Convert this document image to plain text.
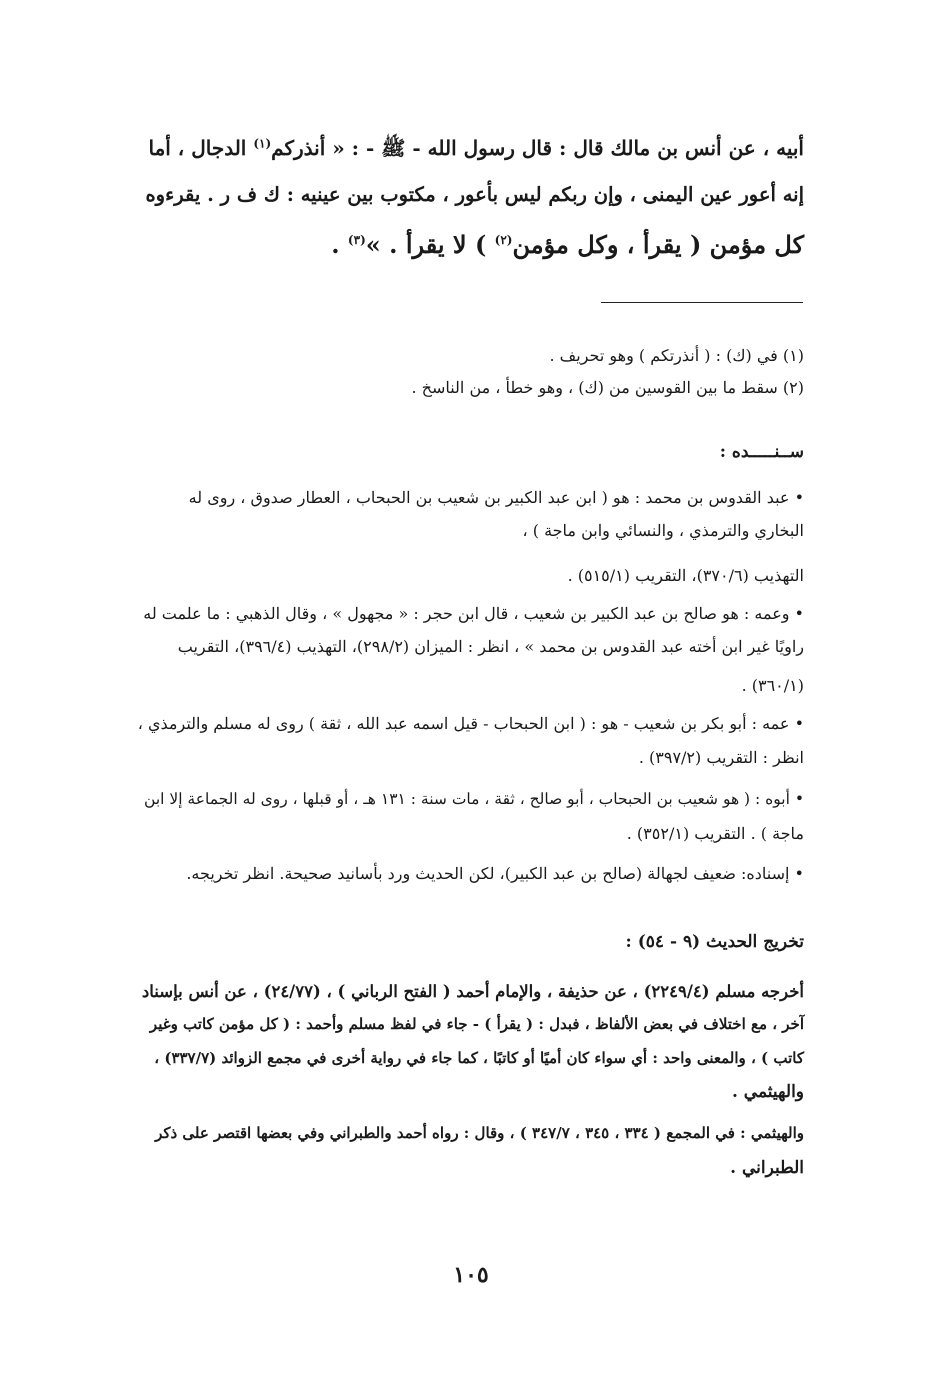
أبيه ، عن أنس بن مالك قال : قال رسول الله - ﷺ - : « أنذركم$^{(١)}$ الدجال ، أما
إنه أعور عين اليمنى ، وإن ربكم ليس بأعور ، مكتوب بين عينيه : ك ف ر . يقرءوه
كل مؤمن ( يقرأ ، وكل مؤمن$^{(٢)}$ ) لا يقرأ . »$^{(٣)}$ .
(١) في (ك) : ( أنذرتكم ) وهو تحريف .
(٢) سقط ما بين القوسين من (ك) ، وهو خطأ ، من الناسخ .
ســنـــــده :
• عبد القدوس بن محمد : هو ( ابن عبد الكبير بن شعيب بن الحبحاب ، العطار صدوق ، روى له
البخاري والترمذي ، والنسائي وابن ماجة ) ،
التهذيب (٣٧٠/٦)، التقريب (٥١٥/١) .
• وعمه : هو صالح بن عبد الكبير بن شعيب ، قال ابن حجر : « مجهول » ، وقال الذهبي : ما علمت له
راويًا غير ابن أخته عبد القدوس بن محمد » ، انظر : الميزان (٢٩٨/٢)، التهذيب (٣٩٦/٤)، التقريب
(٣٦٠/١) .
• عمه : أبو بكر بن شعيب - هو : ( ابن الحبحاب - قيل اسمه عبد الله ، ثقة ) روى له مسلم والترمذي ،
انظر : التقريب (٣٩٧/٢) .
• أبوه : ( هو شعيب بن الحبحاب ، أبو صالح ، ثقة ، مات سنة : ١٣١ هـ ، أو قبلها ، روى له الجماعة إلا ابن
ماجة ) . التقريب (٣٥٢/١) .
• إسناده: ضعيف لجهالة (صالح بن عبد الكبير)، لكن الحديث ورد بأسانيد صحيحة. انظر تخريجه.
تخريج الحديث (٩ - ٥٤) :
أخرجه مسلم (٢٢٤٩/٤) ، عن حذيفة ، والإمام أحمد ( الفتح الرباني ) ، (٢٤/٧٧) ، عن أنس بإسناد
آخر ، مع اختلاف في بعض الألفاظ ، فبدل : ( يقرأ ) - جاء في لفظ مسلم وأحمد : ( كل مؤمن كاتب وغير
كاتب ) ، والمعنى واحد : أي سواء كان أميًا أو كاتبًا ، كما جاء في رواية أخرى في مجمع الزوائد (٣٣٧/٧) ،
والهيثمي .
والهيثمي : في المجمع ( ٣٣٤ ، ٣٤٥ ، ٣٤٧/٧ ) ، وقال : رواه أحمد والطبراني وفي بعضها اقتصر على ذكر
الطبراني .
١٠٥
